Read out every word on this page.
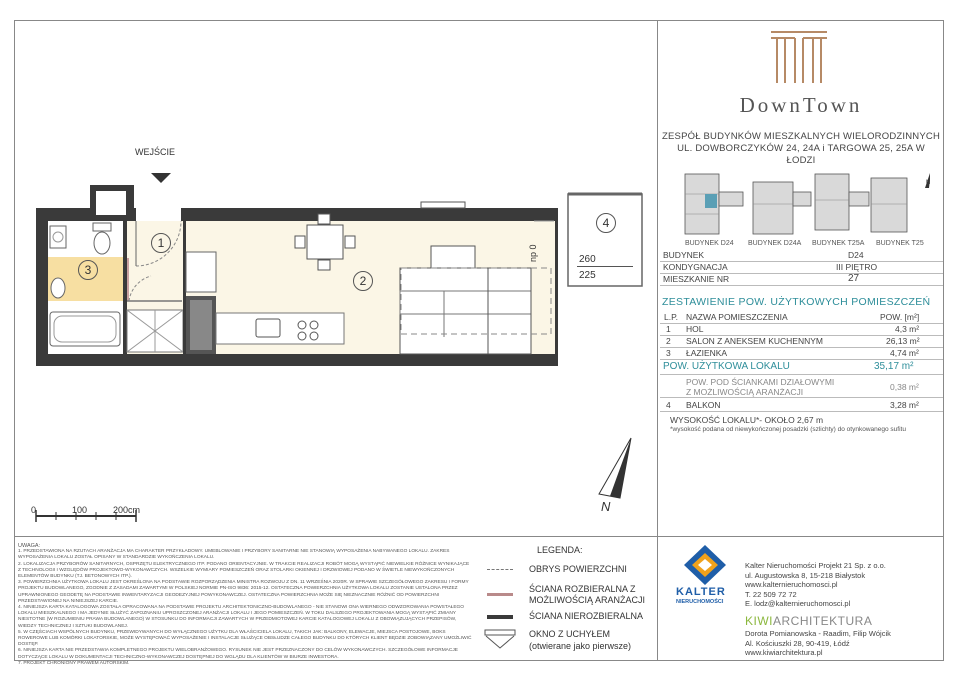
1
2
3
4
WEJŚCIE
260
225
np 0
N
0	100	200cm
DownTown
ZESPÓŁ BUDYNKÓW MIESZKALNYCH WIELORODZINNYCH
UL. DOWBORCZYKÓW 24, 24A i TARGOWA 25, 25A W ŁODZI
N
BUDYNEK D24 BUDYNEK D24A BUDYNEK T25A BUDYNEK T25
BUDYNEK	D24
KONDYGNACJA	III PIĘTRO
MIESZKANIE NR	27
ZESTAWIENIE POW. UŻYTKOWYCH POMIESZCZEŃ
L.P. NAZWA POMIESZCZENIA	POW. [m²]
1 HOL	4,3 m²
2 SALON Z ANEKSEM KUCHENNYM	26,13 m²
3 ŁAZIENKA	4,74 m²
POW. UŻYTKOWA LOKALU	35,17 m²
POW. POD ŚCIANKAMI DZIAŁOWYMI
Z MOŻLIWOŚCIĄ ARANŻACJI	0,38 m²
4 BALKON	3,28 m²
WYSOKOŚĆ LOKALU*- OKOŁO 2,67 m
*wysokość podana od niewykończonej posadzki (szlichty) do otynkowanego sufitu
UWAGA:
1. PRZEDSTAWIONA NA RZUTACH ARANŻACJA MA CHARAKTER PRZYKŁADOWY. UMEBLOWANIE I PRZYBORY SANITARNE NIE STANOWIĄ WYPOSAŻENIA NABYWANEGO LOKALU. ZAKRES WYPOSAŻENIA LOKALU ZOSTAŁ OPISANY W STANDARDZIE WYKOŃCZENIA LOKALU.
2. LOKALIZACJA PRZYBORÓW SANITARNYCH, OSPRZĘTU ELEKTRYCZNEGO ITP. PODANO ORIENTACYJNIE. W TRAKCIE REALIZACJI ROBÓT MOGĄ WYSTĄPIĆ NIEWIELKIE RÓŻNICE WYNIKAJĄCE Z TECHNOLOGII I WZGLĘDÓW PROJEKTOWO-WYKONAWCZYCH. WSZELKIE WYMIARY POMIESZCZEŃ ORAZ STOLARKI OKIENNEJ I DRZWIOWEJ PODANO W ŚWIETLE NIEWYKOŃCZONYCH ELEMENTÓW BUDYNKU (TJ. BETONOWYCH ITP.).
3. POWIERZCHNIA UŻYTKOWA LOKALU JEST OKREŚLONA NA PODSTAWIE ROZPORZĄDZENIA MINISTRA ROZWOJU Z DN. 11 WRZEŚNIA 2020R. W SPRAWIE SZCZEGÓŁOWEGO ZAKRESU I FORMY PROJEKTU BUDOWLANEGO, ZGODNIE Z ZASADAMI ZAWARTYMI W POLSKIEJ NORMIE PN-ISO 9836: 2015-12. OSTATECZNA POWIERZCHNIA UŻYTKOWA LOKALU ZOSTANIE USTALONA PRZEZ UPRAWNIONEGO GEODETĘ NA PODSTAWIE INWENTARYZACJI GEODEZYJNEJ POWYKONAWCZEJ. OSTATECZNA POWIERZCHNIA MOŻE SIĘ NIEZNACZNIE RÓŻNIĆ OD POWIERZCHNI PRZEDSTAWIONEJ NA NINIEJSZEJ KARCIE.
4. NINIEJSZA KARTA KATALOGOWA ZOSTAŁA OPRACOWANA NA PODSTAWIE PROJEKTU ARCHITEKTONICZNO-BUDOWLANEGO - NIE STANOWI ONA WIERNEGO ODWZOROWANIA POWSTAŁEGO LOKALU MIESZKALNEGO I MA JEDYNIE SŁUŻYĆ ZAPOZNANIU UPROSZCZONEJ ARANŻACJI LOKALU I JEGO POMIESZCZEŃ. W TOKU DALSZEGO PROJEKTOWANIA MOGĄ WYSTĄPIĆ ZMIANY NIESTOTNE (W ROZUMIENIU PRAWA BUDOWLANEGO) W STOSUNKU DO INFORMACJI ZAWARTYCH W PRZEDMIOTOWEJ KARCIE KATALOGOWEJ LOKALU Z OBOWIĄZUJĄCYCH PRZEPISÓW, WIEDZY TECHNICZNEJ I SZTUKI BUDOWLANEJ.
5. W CZĘŚCIACH WSPÓLNYCH BUDYNKU, PRZEWIDYWANYCH DO WYŁĄCZNEGO UŻYTKU DLA WŁAŚCICIELA LOKALU, TAKICH JAK: BALKONY, ELEWACJE, MIEJSCA POSTOJOWE, BOKS ROWEROWE LUB KOMÓRKI LOKATORSKIE, MOŻE WYSTĘPOWAĆ WYPOSAŻENIE I INSTALACJE SŁUŻĄCE OBSŁUDZE CAŁEGO BUDYNKU DO KTÓRYCH KLIENT BĘDZIE ZOBOWIĄZANY UMOŻLIWIĆ DOSTĘP.
6. NINIEJSZA KARTA NIE PRZEDSTAWIA KOMPLETNEGO PROJEKTU WIELOBRANŻOWEGO. RYSUNEK NIE JEST PRZEZNACZONY DO CELÓW WYKONAWCZYCH. SZCZEGÓŁOWE INFORMACJE DOTYCZĄCE LOKALU W DOKUMENTACJI TECHNICZNO-WYKONAWCZEJ DOSTĘPNEJ DO WGLĄDU DLA KLIENTÓW W BIURZE INWESTORA.
7. PROJEKT CHRONIONY PRAWEM AUTORSKIM.
LEGENDA:
OBRYS POWIERZCHNI
ŚCIANA ROZBIERALNA Z
MOŻLIWOŚCIĄ ARANŻACJI
ŚCIANA NIEROZBIERALNA
OKNO Z UCHYŁEM
(otwierane jako pierwsze)
KALTER
NIERUCHOMOŚCI
Kalter Nieruchomości Projekt 21 Sp. z o.o.
ul. Augustowska 8, 15-218 Białystok
www.kalternieruchomosci.pl
T. 22 509 72 72
E. lodz@kalternieruchomosci.pl
KIWIARCHITEKTURA
Dorota Pomianowska - Raadim, Filip Wójcik
Al. Kościuszki 28, 90-419, Łódź
www.kiwiarchitektura.pl
